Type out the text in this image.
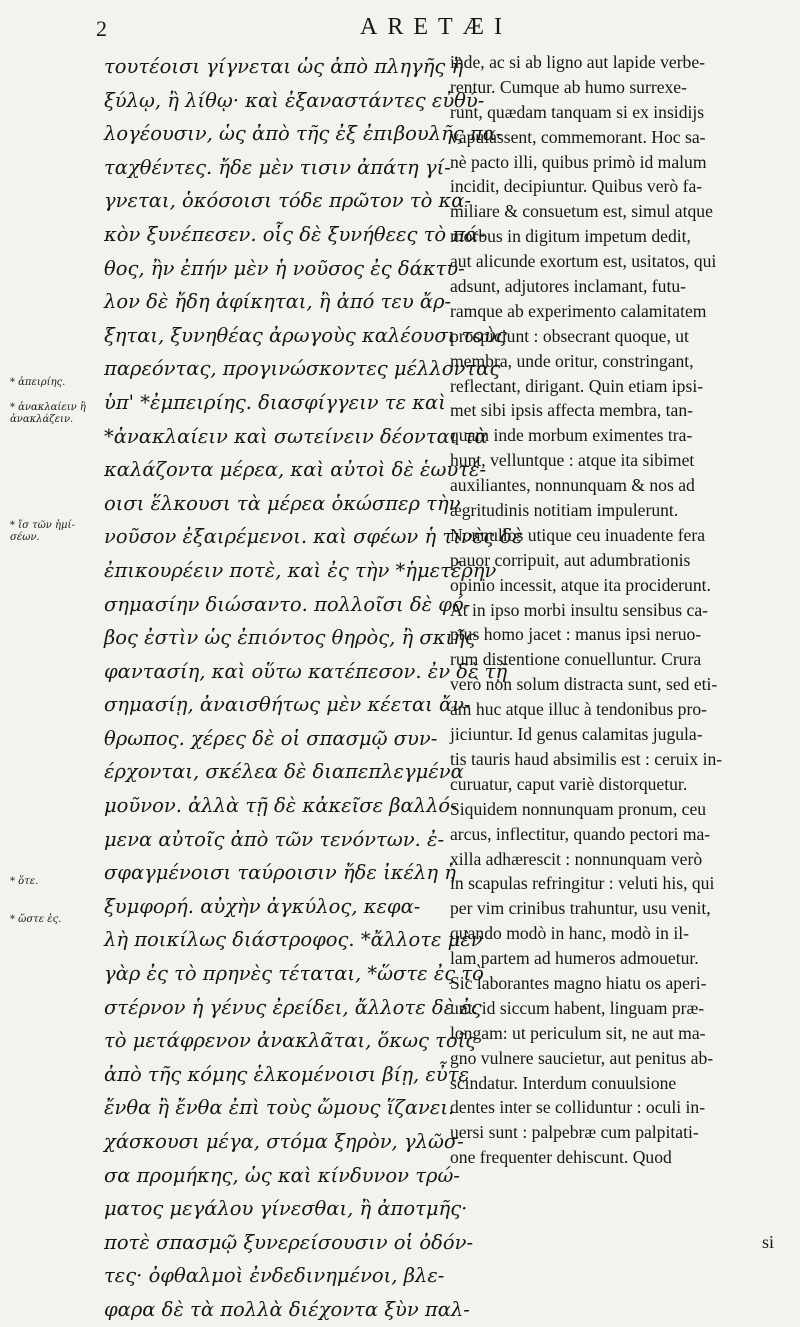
2	ARETÆI
* ἀπειρίης.
* ἀνακλαίειν ἢ ἀνακλάζειν.
* ἴσ τῶν ἡμί- σέων.
* ὅτε.
* ὥστε ἐς.
τουτέοισι γίγνεται ὡς ἀπὸ πληγῆς ἢ
ξύλῳ, ἢ λίθῳ· καὶ ἐξαναστάντες εὐθύ-
λογέουσιν, ὡς ἀπὸ τῆς ἐξ ἐπιβουλῆς πα-
ταχθέντες. ἤδε μὲν τισιν ἀπάτη γί-
γνεται, ὁκόσοισι τόδε πρῶτον τὸ κα-
κὸν ξυνέπεσεν. οἷς δὲ ξυνήθεες τὸ πά-
θος, ἢν ἐπήν μὲν ἡ νοῦσος ἐς δάκτυ-
λον δὲ ἤδη ἀφίκηται, ἢ ἀπό τευ ἄρ-
ξηται, ξυνηθέας ἀρωγοὺς καλέουσι τοὺς
παρεόντας, προγινώσκοντες μέλλοντας
ὑπ' *ἐμπειρίης. διασφίγγειν τε καὶ
*ἀνακλαίειν καὶ σωτείνειν δέονται τὰ
καλάζοντα μέρεα, καὶ αὐτοὶ δὲ ἑωυτέ-
οισι ἕλκουσι τὰ μέρεα ὁκώσπερ τὴν
νοῦσον ἐξαιρέμενοι. καὶ σφέων ἡ τινὲς δὲ
ἐπικουρέειν ποτὲ, καὶ ἐς τὴν *ἡμετέρην
σημασίην διώσαντο. πολλοῖσι δὲ φό-
βος ἐστὶν ὡς ἐπιόντος θηρὸς, ἢ σκιῆς
φαντασίη, καὶ οὕτω κατέπεσον. ἐν δὲ τῇ
σημασίῃ, ἀναισθήτως μὲν κέεται ἄν-
θρωπος. χέρες δὲ οἱ σπασμῷ συν-
έρχονται, σκέλεα δὲ διαπεπλεγμένα
μοῦνον. ἀλλὰ τῇ δὲ κἀκεῖσε βαλλό-
μενα αὐτοῖς ἀπὸ τῶν τενόντων. ἐ-
σφαγμένοισι ταύροισιν ἤδε ἰκέλη ἡ
ξυμφορή. αὐχὴν ἀγκύλος, κεφα-
λὴ ποικίλως διάστροφος. *ἄλλοτε μὲν
γὰρ ἐς τὸ πρηνὲς τέταται, *ὥστε ἐς τὸ
στέρνον ἡ γένυς ἐρείδει, ἄλλοτε δὲ ἐς
τὸ μετάφρενον ἀνακλᾶται, ὅκως τοῖς
ἀπὸ τῆς κόμης ἑλκομένοισι βίῃ, εὖτε
ἔνθα ἢ ἔνθα ἐπὶ τοὺς ὤμους ἵζανει.
χάσκουσι μέγα, στόμα ξηρὸν, γλῶσ-
σα προμήκης, ὡς καὶ κίνδυνον τρώ-
ματος μεγάλου γίνεσθαι, ἢ ἀποτμῆς·
ποτὲ σπασμῷ ξυνερείσουσιν οἱ ὀδόν-
τες· ὀφθαλμοὶ ἐνδεδινημένοι, βλε-
φαρα δὲ τὰ πολλὰ διέχοντα ξὺν παλ-
inde, ac si ab ligno aut lapide verbe-
rentur. Cumque ab humo surrexe-
runt, quædam tanquam si ex insidijs
vapulassent, commemorant. Hoc sa-
nè pacto illi, quibus primò id malum
incidit, decipiuntur. Quibus verò fa-
miliare & consuetum est, simul atque
morbus in digitum impetum dedit,
aut alicunde exortum est, usitatos, qui
adsunt, adjutores inclamant, futu-
ramque ab experimento calamitatem
prospiciunt : obsecrant quoque, ut
membra, unde oritur, constringant,
reflectant, dirigant. Quin etiam ipsi-
met sibi ipsis affecta membra, tan-
quam inde morbum eximentes tra-
hunt, velluntque : atque ita sibimet
auxiliantes, nonnunquam & nos ad
ægritudinis notitiam impulerunt.
Nonnullos utique ceu inuadente fera
pauor corripuit, aut adumbrationis
opinio incessit, atque ita prociderunt.
At in ipso morbi insultu sensibus ca-
ptus homo jacet : manus ipsi neruo-
rum distentione conuelluntur. Crura
verò non solum distracta sunt, sed eti-
am huc atque illuc à tendonibus pro-
jiciuntur. Id genus calamitas jugula-
tis tauris haud absimilis est : ceruix in-
curuatur, caput variè distorquetur.
Siquidem nonnunquam pronum, ceu
arcus, inflectitur, quando pectori ma-
xilla adhærescit : nonnunquam verò
in scapulas refringitur : veluti his, qui
per vim crinibus trahuntur, usu venit,
quando modò in hanc, modò in il-
lam partem ad humeros admouetur.
Sic laborantes magno hiatu os aperi-
unt: id siccum habent, linguam præ-
longam: ut periculum sit, ne aut ma-
gno vulnere saucietur, aut penitus ab-
scindatur. Interdum conuulsione
dentes inter se colliduntur : oculi in-
uersi sunt : palpebræ cum palpitati-
one frequenter dehiscunt. Quod
si
